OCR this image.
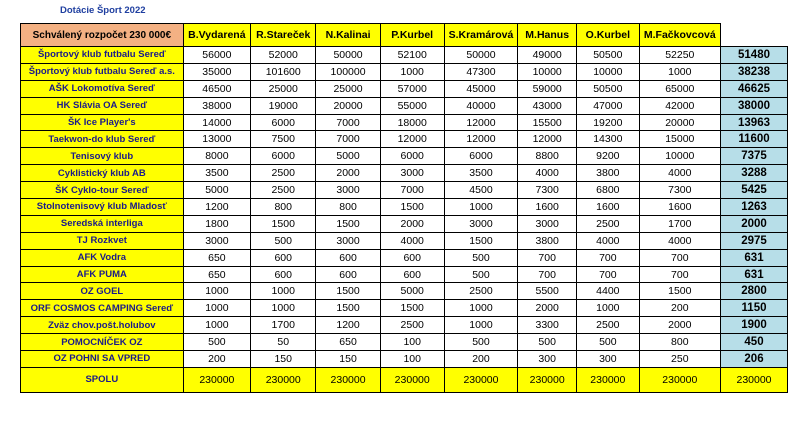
Dotácie Šport 2022
Schválený rozpočet 230 000€	B.Vydarená	R.Stareček	N.Kalinai	P.Kurbel	S.Kramárová	M.Hanus	O.Kurbel	M.Fačkovcová	
Športový klub futbalu Sereď	56000	52000	50000	52100	50000	49000	50500	52250	51480
Športový klub futbalu Sereď a.s.	35000	101600	100000	1000	47300	10000	10000	1000	38238
AŠK Lokomotíva Sereď	46500	25000	25000	57000	45000	59000	50500	65000	46625
HK Slávia OA Sereď	38000	19000	20000	55000	40000	43000	47000	42000	38000
ŠK Ice Player's	14000	6000	7000	18000	12000	15500	19200	20000	13963
Taekwon-do klub Sereď	13000	7500	7000	12000	12000	12000	14300	15000	11600
Tenisový klub	8000	6000	5000	6000	6000	8800	9200	10000	7375
Cyklistický klub AB	3500	2500	2000	3000	3500	4000	3800	4000	3288
ŠK Cyklo-tour Sereď	5000	2500	3000	7000	4500	7300	6800	7300	5425
Stolnotenisový klub Mladosť	1200	800	800	1500	1000	1600	1600	1600	1263
Seredská interliga	1800	1500	1500	2000	3000	3000	2500	1700	2000
TJ Rozkvet	3000	500	3000	4000	1500	3800	4000	4000	2975
AFK Vodra	650	600	600	600	500	700	700	700	631
AFK PUMA	650	600	600	600	500	700	700	700	631
OZ GOEL	1000	1000	1500	5000	2500	5500	4400	1500	2800
ORF COSMOS CAMPING Sereď	1000	1000	1500	1500	1000	2000	1000	200	1150
Zväz chov.pošt.holubov	1000	1700	1200	2500	1000	3300	2500	2000	1900
POMOCNÍČEK OZ	500	50	650	100	500	500	500	800	450
OZ POHNI SA VPRED	200	150	150	100	200	300	300	250	206
SPOLU	230000	230000	230000	230000	230000	230000	230000	230000	230000
